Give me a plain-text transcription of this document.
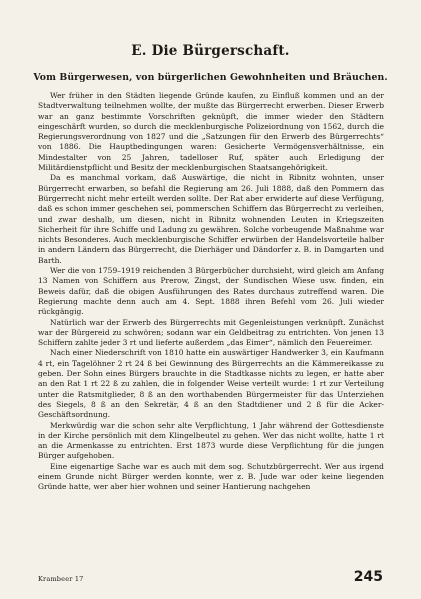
E. Die Bürgerschaft.
Vom Bürgerwesen, von bürgerlichen Gewohnheiten und Bräuchen.

Wer früher in den Städten liegende Gründe kaufen, zu Einfluß kommen und an der Stadtverwaltung teilnehmen wollte, der mußte das Bürgerrecht erwerben. Dieser Erwerb war an ganz bestimmte Vorschriften geknüpft, die immer wieder den Städtern eingeschärft wurden, so durch die mecklenburgische Polizeiordnung von 1562, durch die Regierungsverordnung von 1827 und die „Satzungen für den Erwerb des Bürgerrechts“ von 1886. Die Hauptbedingungen waren: Gesicherte Vermögensverhältnisse, ein Mindestalter von 25 Jahren, tadelloser Ruf, später auch Erledigung der Militärdienstpflicht und Besitz der mecklenburgischen Staatsangehörigkeit.

Da es manchmal vorkam, daß Auswärtige, die nicht in Ribnitz wohnten, unser Bürgerrecht erwarben, so befahl die Regierung am 26. Juli 1888, daß den Pommern das Bürgerrecht nicht mehr erteilt werden sollte. Der Rat aber erwiderte auf diese Verfügung, daß es schon immer geschehen sei, pommerschen Schiffern das Bürgerrecht zu verleihen, und zwar deshalb, um diesen, nicht in Ribnitz wohnenden Leuten in Kriegszeiten Sicherheit für ihre Schiffe und Ladung zu gewähren. Solche vorbeugende Maßnahme war nichts Besonderes. Auch mecklenburgische Schiffer erwürben der Handelsvorteile halber in andern Ländern das Bürgerrecht, die Dierhäger und Dändorfer z. B. in Damgarten und Barth.

Wer die von 1759–1919 reichenden 3 Bürgerbücher durchsieht, wird gleich am Anfang 13 Namen von Schiffern aus Prerow, Zingst, der Sundischen Wiese usw. finden, ein Beweis dafür, daß die obigen Ausführungen des Rates durchaus zutreffend waren. Die Regierung machte denn auch am 4. Sept. 1888 ihren Befehl vom 26. Juli wieder rückgängig.

Natürlich war der Erwerb des Bürgerrechts mit Gegenleistungen verknüpft. Zunächst war der Bürgereid zu schwören; sodann war ein Geldbeitrag zu entrichten. Von jenen 13 Schiffern zahlte jeder 3 rt und lieferte außerdem „das Eimer“, nämlich den Feuereimer.

Nach einer Niederschrift von 1810 hatte ein auswärtiger Handwerker 3, ein Kaufmann 4 rt, ein Tagelöhner 2 rt 24 ß bei Gewinnung des Bürgerrechts an die Kämmereikasse zu geben. Der Sohn eines Bürgers brauchte in die Stadtkasse nichts zu legen, er hatte aber an den Rat 1 rt 22 ß zu zahlen, die in folgender Weise verteilt wurde: 1 rt zur Verteilung unter die Ratsmitglieder, 8 ß an den worthabenden Bürgermeister für das Unterziehen des Siegels, 8 ß an den Sekretär, 4 ß an den Stadtdiener und 2 ß für die Acker-Geschäftsordnung.

Merkwürdig war die schon sehr alte Verpflichtung, 1 Jahr während der Gottesdienste in der Kirche persönlich mit dem Klingelbeutel zu gehen. Wer das nicht wollte, hatte 1 rt an die Armenkasse zu entrichten. Erst 1873 wurde diese Verpflichtung für die jungen Bürger aufgehoben.

Eine eigenartige Sache war es auch mit dem sog. Schutzbürgerrecht. Wer aus irgend einem Grunde nicht Bürger werden konnte, wer z. B. Jude war oder keine liegenden Gründe hatte, wer aber hier wohnen und seiner Hantierung nachgehen

Krambeer 17	245
